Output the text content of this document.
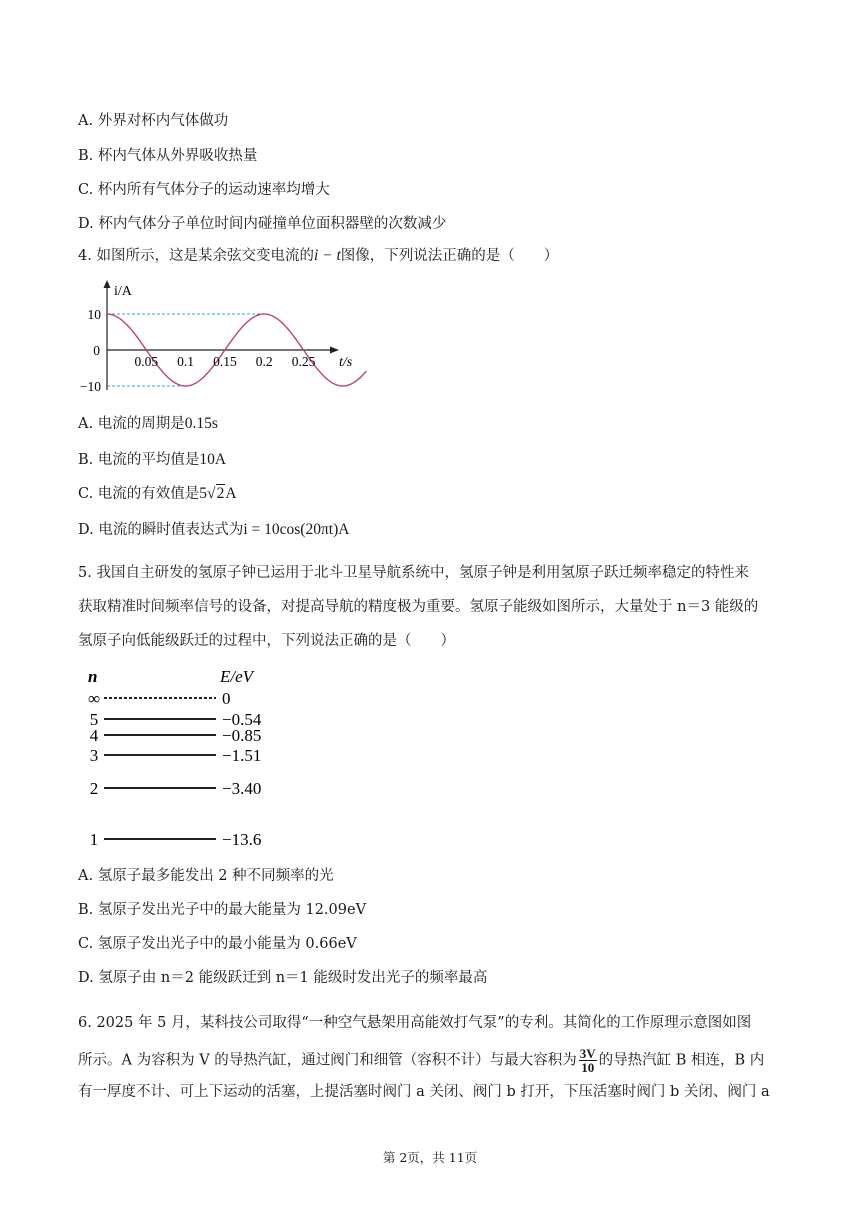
A. 外界对杯内气体做功
B. 杯内气体从外界吸收热量
C. 杯内所有气体分子的运动速率均增大
D. 杯内气体分子单位时间内碰撞单位面积器壁的次数减少
4. 如图所示，这是某余弦交变电流的i − t图像，下列说法正确的是（　　）
i/A
10
−10
0
0.05 0.1 0.15 0.2 0.25 t/s
A. 电流的周期是0.15s
B. 电流的平均值是10A
C. 电流的有效值是5√2A
D. 电流的瞬时值表达式为i = 10cos(20πt)A
5. 我国自主研发的氢原子钟已运用于北斗卫星导航系统中，氢原子钟是利用氢原子跃迁频率稳定的特性来
获取精准时间频率信号的设备，对提高导航的精度极为重要。氢原子能级如图所示，大量处于 n＝3 能级的
氢原子向低能级跃迁的过程中，下列说法正确的是（　　）
n	E/eV
∞	0
5	−0.54
4	−0.85
3	−1.51
2	−3.40
1	−13.6
A. 氢原子最多能发出 2 种不同频率的光
B. 氢原子发出光子中的最大能量为 12.09eV
C. 氢原子发出光子中的最小能量为 0.66eV
D. 氢原子由 n＝2 能级跃迁到 n＝1 能级时发出光子的频率最高
6. 2025 年 5 月，某科技公司取得“一种空气悬架用高能效打气泵”的专利。其简化的工作原理示意图如图
所示。A 为容积为 V 的导热汽缸，通过阀门和细管（容积不计）与最大容积为 $\frac{3V}{10}$ 的导热汽缸 B 相连，B 内
有一厚度不计、可上下运动的活塞，上提活塞时阀门 a 关闭、阀门 b 打开，下压活塞时阀门 b 关闭、阀门 a
第 2页，共 11页
